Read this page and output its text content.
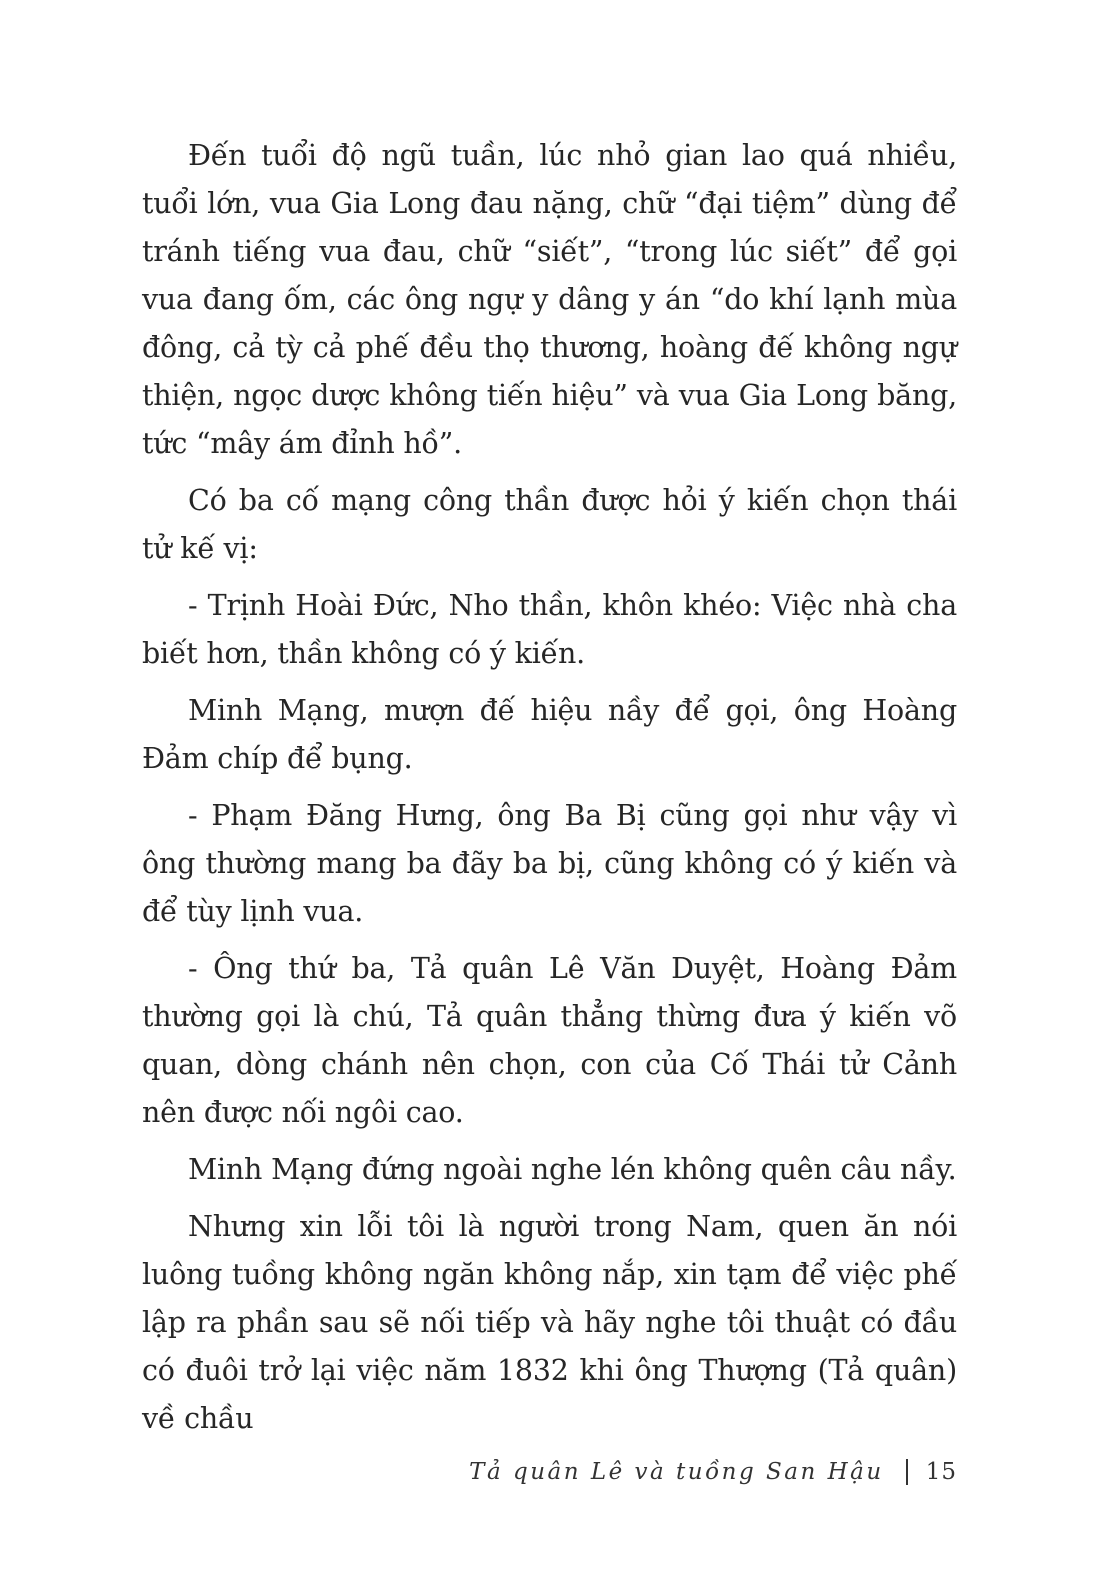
Đến tuổi độ ngũ tuần, lúc nhỏ gian lao quá nhiều, tuổi lớn, vua Gia Long đau nặng, chữ “đại tiệm” dùng để tránh tiếng vua đau, chữ “siết”, “trong lúc siết” để gọi vua đang ốm, các ông ngự y dâng y án “do khí lạnh mùa đông, cả tỳ cả phế đều thọ thương, hoàng đế không ngự thiện, ngọc dược không tiến hiệu” và vua Gia Long băng, tức “mây ám đỉnh hồ”.

Có ba cố mạng công thần được hỏi ý kiến chọn thái tử kế vị:

- Trịnh Hoài Đức, Nho thần, khôn khéo: Việc nhà cha biết hơn, thần không có ý kiến.

Minh Mạng, mượn đế hiệu nầy để gọi, ông Hoàng Đảm chíp để bụng.

- Phạm Đăng Hưng, ông Ba Bị cũng gọi như vậy vì ông thường mang ba đãy ba bị, cũng không có ý kiến và để tùy lịnh vua.

- Ông thứ ba, Tả quân Lê Văn Duyệt, Hoàng Đảm thường gọi là chú, Tả quân thẳng thừng đưa ý kiến võ quan, dòng chánh nên chọn, con của Cố Thái tử Cảnh nên được nối ngôi cao.

Minh Mạng đứng ngoài nghe lén không quên câu nầy.

Nhưng xin lỗi tôi là người trong Nam, quen ăn nói luông tuồng không ngăn không nắp, xin tạm để việc phế lập ra phần sau sẽ nối tiếp và hãy nghe tôi thuật có đầu có đuôi trở lại việc năm 1832 khi ông Thượng (Tả quân) về chầu

Tả quân Lê và tuồng San Hậu 15
